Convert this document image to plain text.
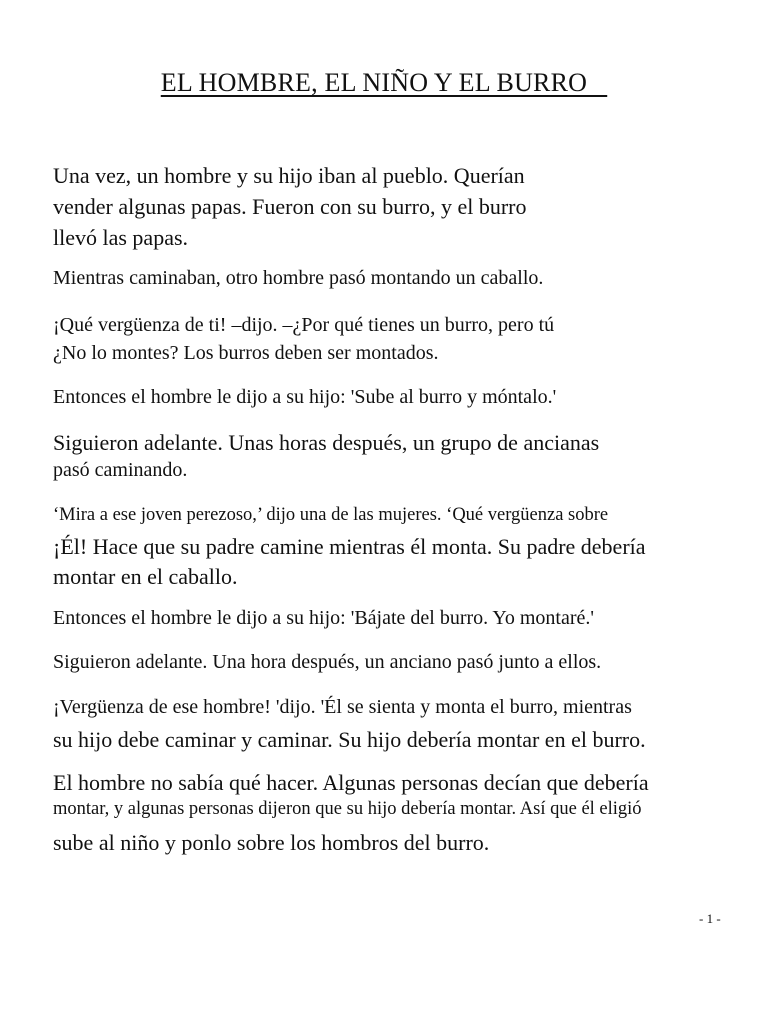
EL HOMBRE, EL NIÑO Y EL BURRO

Una vez, un hombre y su hijo iban al pueblo. Querían

vender algunas papas. Fueron con su burro, y el burro

llevó las papas.

Mientras caminaban, otro hombre pasó montando un caballo.

¡Qué vergüenza de ti! –dijo. –¿Por qué tienes un burro, pero tú

¿No lo montes? Los burros deben ser montados.

Entonces el hombre le dijo a su hijo: 'Sube al burro y móntalo.'

Siguieron adelante. Unas horas después, un grupo de ancianas

pasó caminando.

‘Mira a ese joven perezoso,’ dijo una de las mujeres. ‘Qué vergüenza sobre

¡Él! Hace que su padre camine mientras él monta. Su padre debería

montar en el caballo.

Entonces el hombre le dijo a su hijo: 'Bájate del burro. Yo montaré.'

Siguieron adelante. Una hora después, un anciano pasó junto a ellos.

¡Vergüenza de ese hombre! 'dijo. 'Él se sienta y monta el burro, mientras

su hijo debe caminar y caminar. Su hijo debería montar en el burro.

El hombre no sabía qué hacer. Algunas personas decían que debería

montar, y algunas personas dijeron que su hijo debería montar. Así que él eligió

sube al niño y ponlo sobre los hombros del burro.

- 1 -
